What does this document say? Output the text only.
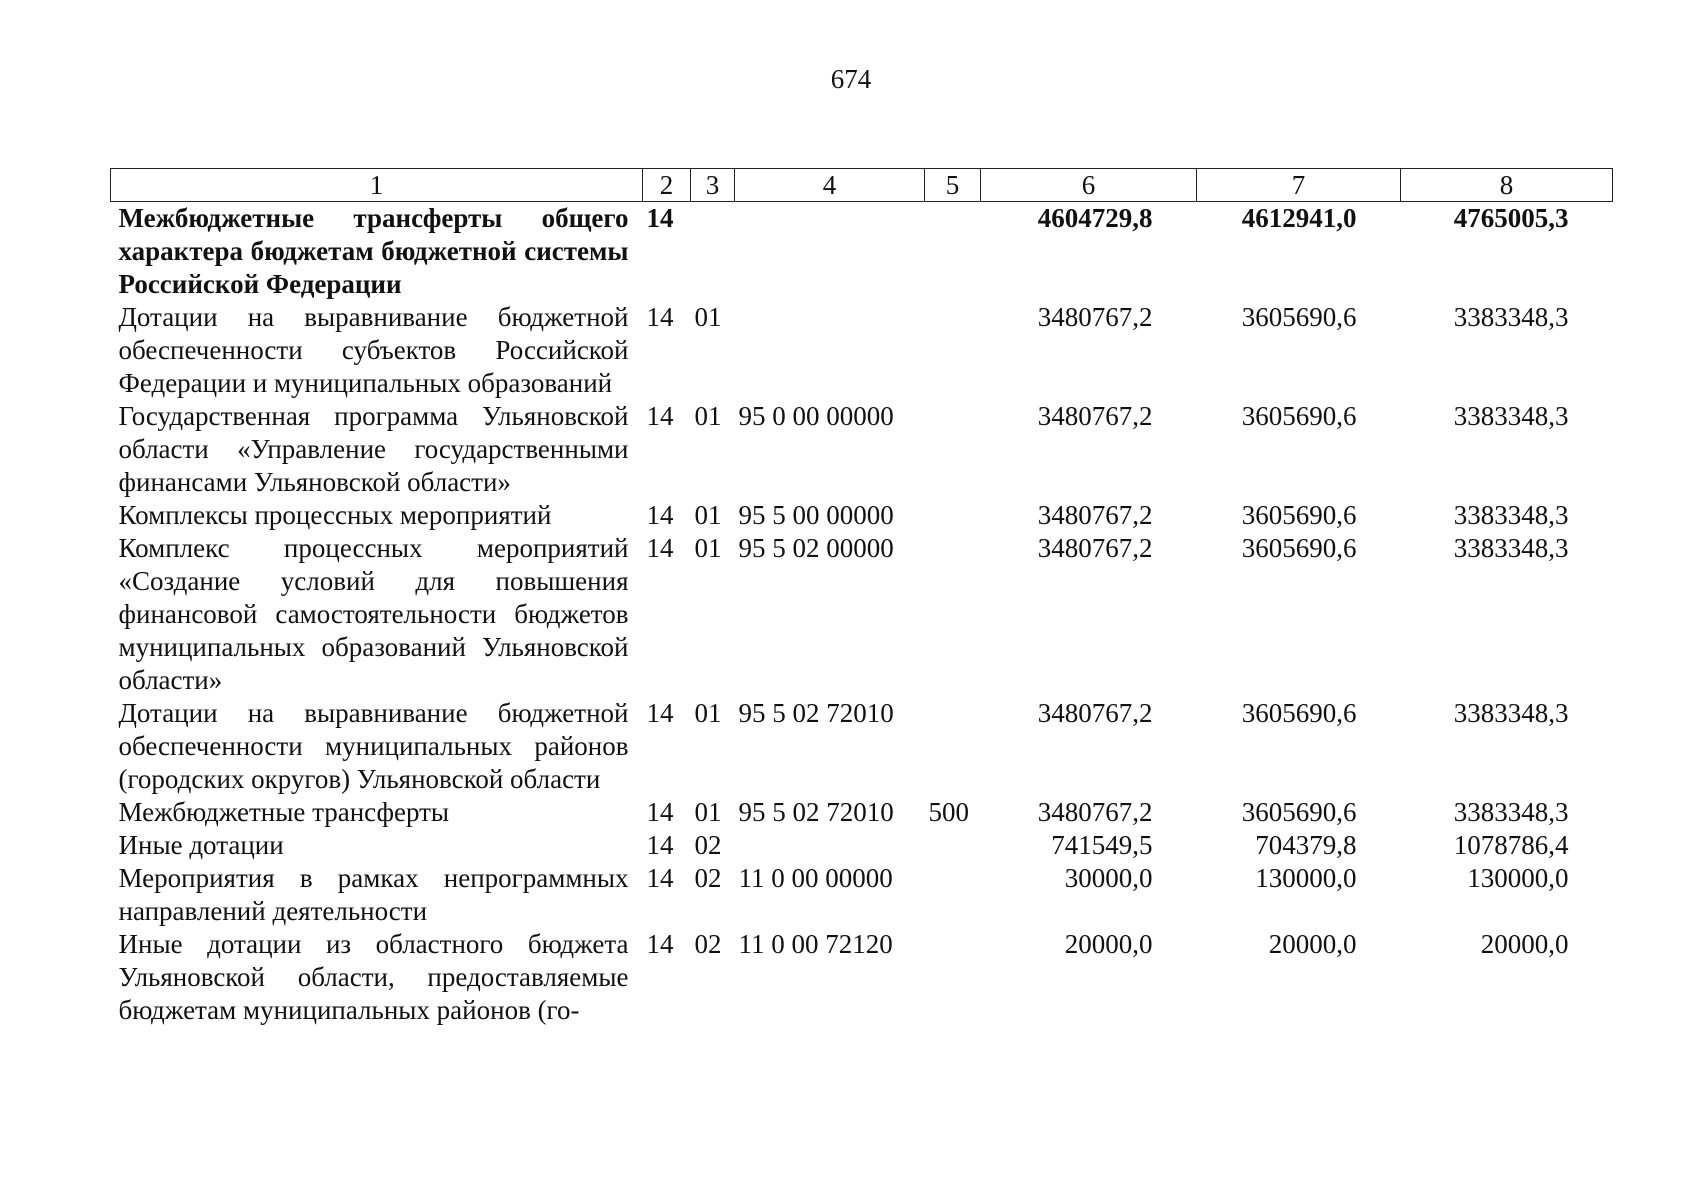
674
1	2	3	4	5	6	7	8
Межбюджетные трансферты общего характера бюджетам бюджетной системы Российской Федерации	14				4604729,8	4612941,0	4765005,3
Дотации на выравнивание бюджетной обеспеченности субъектов Российской Федерации и муниципальных образований	14	01			3480767,2	3605690,6	3383348,3
Государственная программа Ульяновской области «Управление государственными финансами Ульяновской области»	14	01	95 0 00 00000		3480767,2	3605690,6	3383348,3
Комплексы процессных мероприятий	14	01	95 5 00 00000		3480767,2	3605690,6	3383348,3
Комплекс процессных мероприятий «Создание условий для повышения финансовой самостоятельности бюджетов муниципальных образований Ульяновской области»	14	01	95 5 02 00000		3480767,2	3605690,6	3383348,3
Дотации на выравнивание бюджетной обеспеченности муниципальных районов (городских округов) Ульяновской области	14	01	95 5 02 72010		3480767,2	3605690,6	3383348,3
Межбюджетные трансферты	14	01	95 5 02 72010	500	3480767,2	3605690,6	3383348,3
Иные дотации	14	02			741549,5	704379,8	1078786,4
Мероприятия в рамках непрограммных направлений деятельности	14	02	11 0 00 00000		30000,0	130000,0	130000,0
Иные дотации из областного бюджета Ульяновской области, предоставляемые бюджетам муниципальных районов (го-	14	02	11 0 00 72120		20000,0	20000,0	20000,0
